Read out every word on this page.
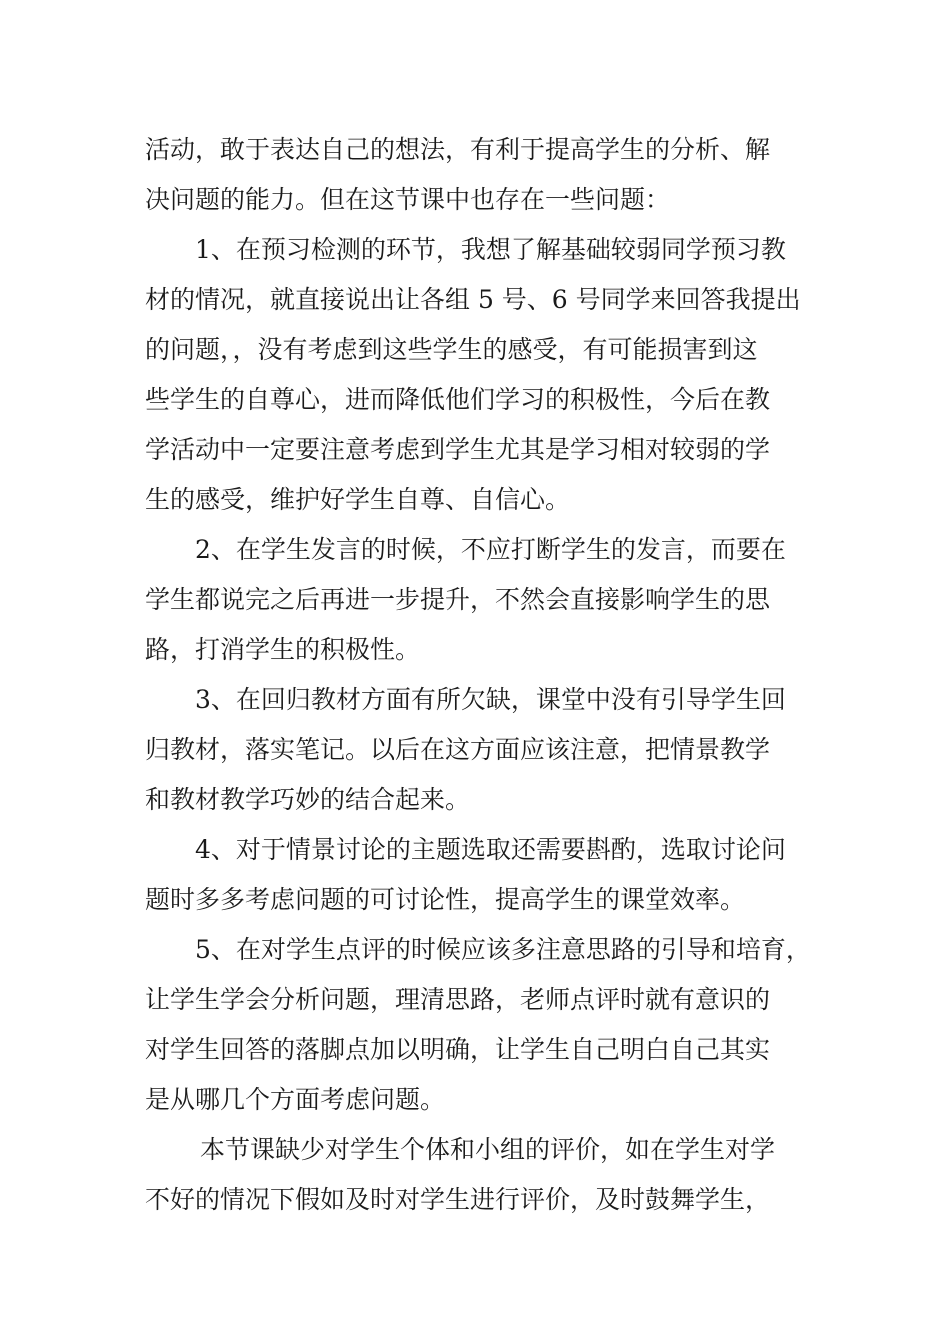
活动，敢于表达自己的想法，有利于提高学生的分析、解
决问题的能力。但在这节课中也存在一些问题：
1、在预习检测的环节，我想了解基础较弱同学预习教
材的情况，就直接说出让各组 5 号、6 号同学来回答我提出
的问题，，没有考虑到这些学生的感受，有可能损害到这
些学生的自尊心，进而降低他们学习的积极性，今后在教
学活动中一定要注意考虑到学生尤其是学习相对较弱的学
生的感受，维护好学生自尊、自信心。
2、在学生发言的时候，不应打断学生的发言，而要在
学生都说完之后再进一步提升，不然会直接影响学生的思
路，打消学生的积极性。
3、在回归教材方面有所欠缺，课堂中没有引导学生回
归教材，落实笔记。以后在这方面应该注意，把情景教学
和教材教学巧妙的结合起来。
4、对于情景讨论的主题选取还需要斟酌，选取讨论问
题时多多考虑问题的可讨论性，提高学生的课堂效率。
5、在对学生点评的时候应该多注意思路的引导和培育，
让学生学会分析问题，理清思路，老师点评时就有意识的
对学生回答的落脚点加以明确，让学生自己明白自己其实
是从哪几个方面考虑问题。
本节课缺少对学生个体和小组的评价，如在学生对学
不好的情况下假如及时对学生进行评价，及时鼓舞学生，
